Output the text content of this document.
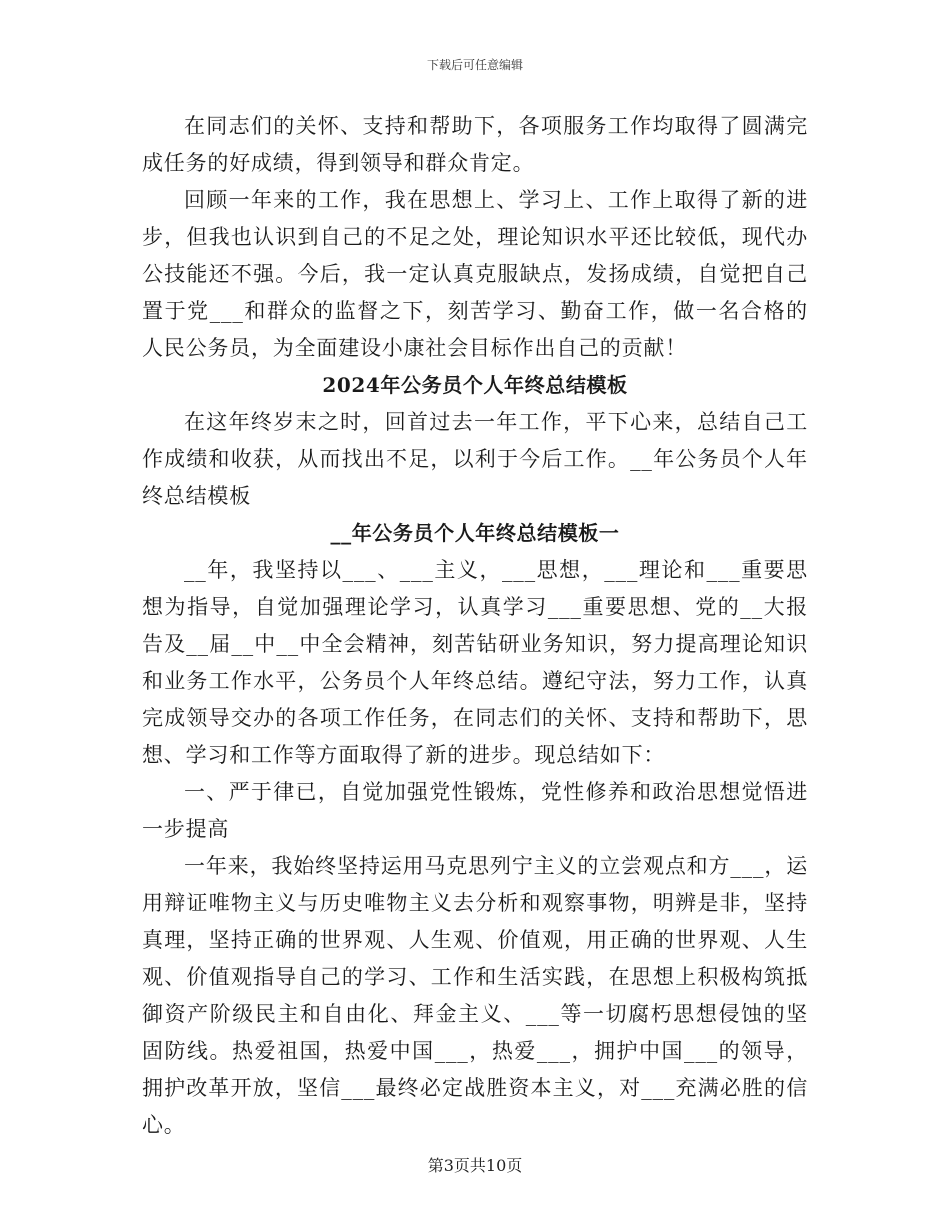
下载后可任意编辑

在同志们的关怀、支持和帮助下，各项服务工作均取得了圆满完成任务的好成绩，得到领导和群众肯定。

回顾一年来的工作，我在思想上、学习上、工作上取得了新的进步，但我也认识到自己的不足之处，理论知识水平还比较低，现代办公技能还不强。今后，我一定认真克服缺点，发扬成绩，自觉把自己置于党___和群众的监督之下，刻苦学习、勤奋工作，做一名合格的人民公务员，为全面建设小康社会目标作出自己的贡献！

2024年公务员个人年终总结模板

在这年终岁末之时，回首过去一年工作，平下心来，总结自己工作成绩和收获，从而找出不足，以利于今后工作。__年公务员个人年终总结模板

__年公务员个人年终总结模板一

__年，我坚持以___、___主义，___思想，___理论和___重要思想为指导，自觉加强理论学习，认真学习___重要思想、党的__大报告及__届__中__中全会精神，刻苦钻研业务知识，努力提高理论知识和业务工作水平，公务员个人年终总结。遵纪守法，努力工作，认真完成领导交办的各项工作任务，在同志们的关怀、支持和帮助下，思想、学习和工作等方面取得了新的进步。现总结如下：

一、严于律已，自觉加强党性锻炼，党性修养和政治思想觉悟进一步提高

一年来，我始终坚持运用马克思列宁主义的立尝观点和方___，运用辩证唯物主义与历史唯物主义去分析和观察事物，明辨是非，坚持真理，坚持正确的世界观、人生观、价值观，用正确的世界观、人生观、价值观指导自己的学习、工作和生活实践，在思想上积极构筑抵御资产阶级民主和自由化、拜金主义、___等一切腐朽思想侵蚀的坚固防线。热爱祖国，热爱中国___，热爱___，拥护中国___的领导，拥护改革开放，坚信___最终必定战胜资本主义，对___充满必胜的信心。

第3页共10页
